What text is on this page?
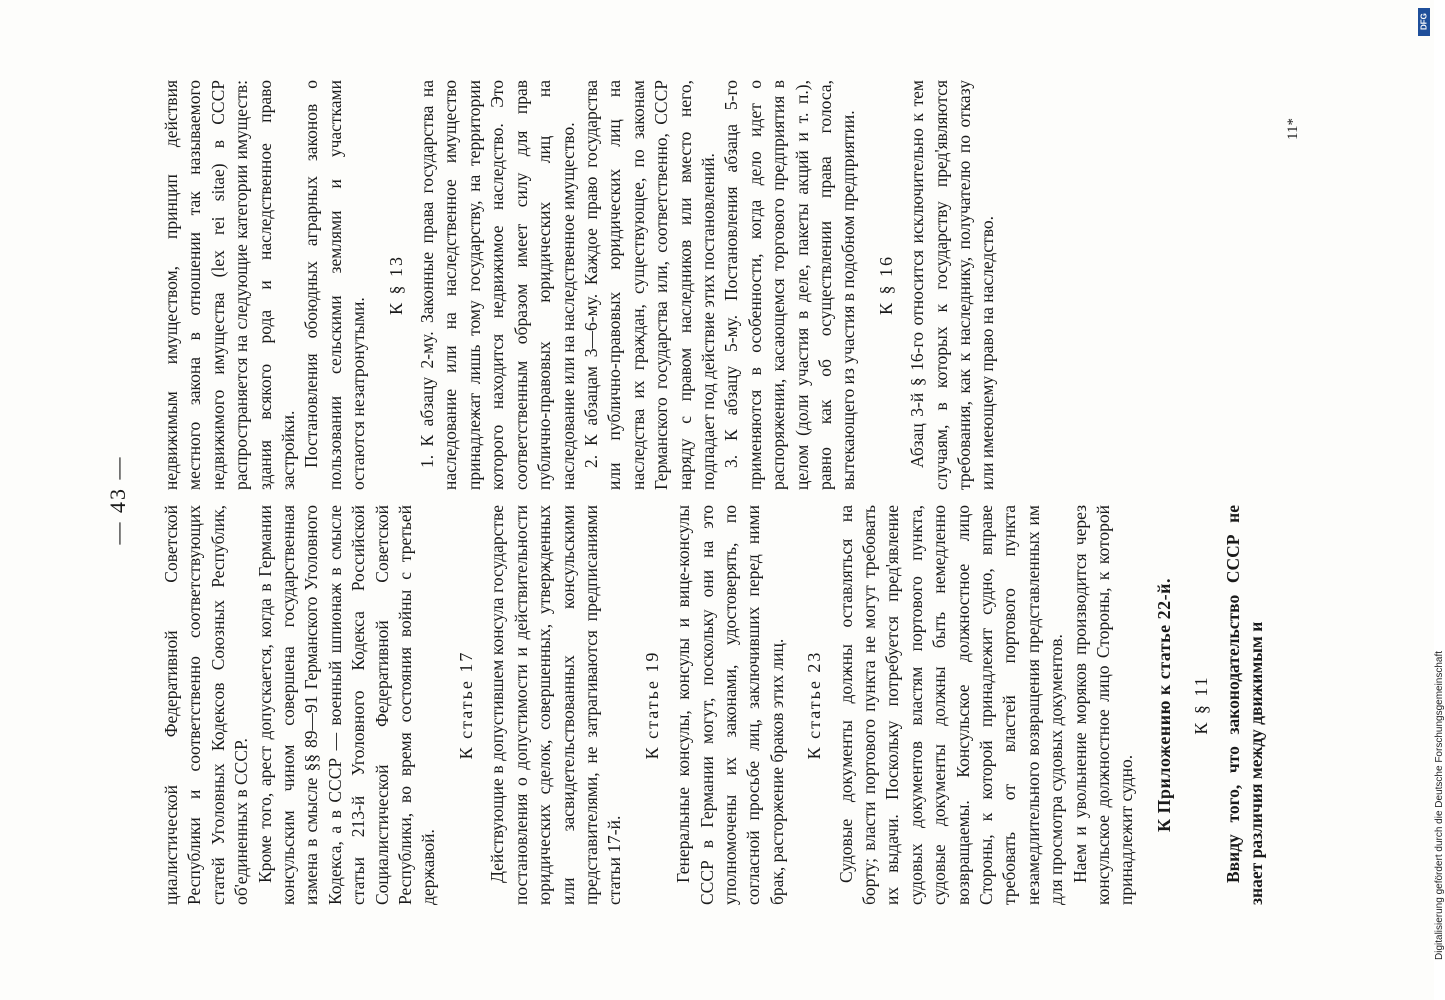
— 43 —

циалистической Федеративной Советской Республики и соответственно соответствующих статей Уголовных Кодексов Союзных Республик, об'единенных в СССР. Кроме того, арест допускается, когда в Германии консульским чином совершена государственная измена в смысле §§ 89—91 Германского Уголовного Кодекса, а в СССР — военный шпионаж в смысле статьи 213-й Уголовного Кодекса Российской Социалистической Федеративной Советской Республики, во время состояния войны с третьей державой.

К статье 17 Действующие в допустившем консула государстве постановления о допустимости и действительности юридических сделок, совершенных, утвержденных или засвидетельствованных консульскими представителями, не затрагиваются предписаниями статьи 17-й.

К статье 19 Генеральные консулы, консулы и вице-консулы СССР в Германии могут, поскольку они на это уполномочены их законами, удостоверять, по согласной просьбе лиц, заключивших перед ними брак, расторжение браков этих лиц. К статье 23 Судовые документы должны оставляться на борту; власти портового пункта не могут требовать их выдачи. Поскольку потребуется пред'явление судовых документов властям портового пункта, судовые документы должны быть немедленно возвращаемы. Консульское должностное лицо Стороны, к которой принадлежит судно, вправе требовать от властей портового пункта незамедлительного возвращения представленных им для просмотра судовых документов. Наем и увольнение моряков производится через консульское должностное лицо Стороны, к которой принадлежит судно. К Приложению к статье 22-й. К § 11 Ввиду того, что законодательство СССР не знает различия между движимым и

недвижимым имуществом, принцип действия местного закона в отношении так называемого недвижимого имущества (lex rei sitae) в СССР распространяется на следующие категории имуществ: здания всякого рода и наследственное право застройки. Постановления обоюдных аграрных законов о пользовании сельскими землями и участками остаются незатронутыми.

К § 13 1. К абзацу 2-му. Законные права государства на наследование или на наследственное имущество принадлежат лишь тому государству, на территории которого находится недвижимое наследство. Это соответственным образом имеет силу для прав публично-правовых юридических лиц на наследование или на наследственное имущество. 2. К абзацам 3—6-му. Каждое право государства или публично-правовых юридических лиц на наследства их граждан, существующее, по законам Германского государства или, соответственно, СССР наряду с правом наследников или вместо него, подпадает под действие этих постановлений. 3. К абзацу 5-му. Постановления абзаца 5-го применяются в особенности, когда дело идет о распоряжении, касающемся торгового предприятия в целом (доли участия в деле, пакеты акций и т. п.), равно как об осуществлении права голоса, вытекающего из участия в подобном предприятии. К § 16 Абзац 3-й § 16-го относится исключительно к тем случаям, в которых к государству пред'являются требования, как к наследнику, получателю по отказу или имеющему право на наследство.

11*
DFG
Digitalisierung gefördert durch die Deutsche Forschungsgemeinschaft
